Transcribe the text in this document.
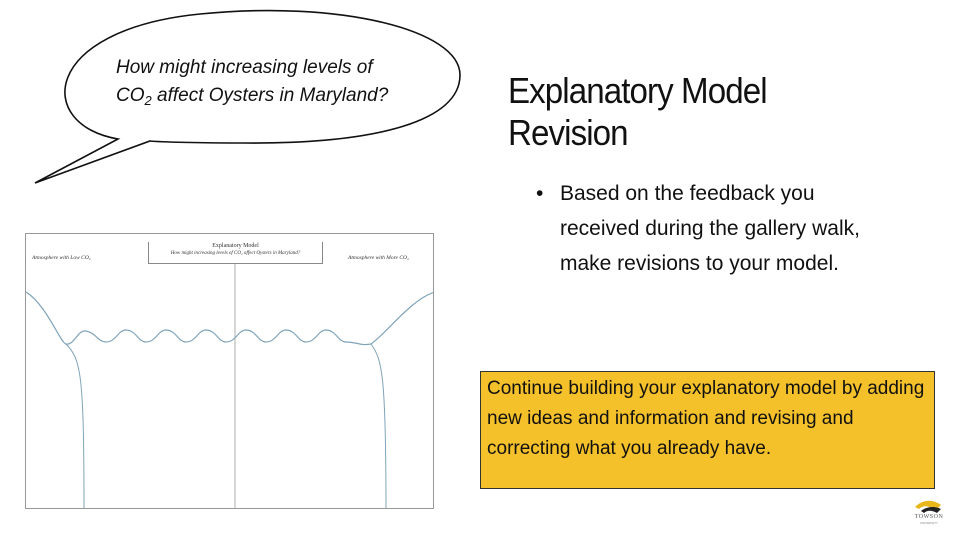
How might increasing levels of
$CO_2$ affect Oysters in Maryland?	Explanatory Model
Revision
• Based on the feedback you received during the gallery walk, make revisions to your model.
Continue building your explanatory model by adding new ideas and information and revising and correcting what you already have.
Explanatory Model
How might increasing levels of CO₂ affect Oysters in Maryland?
Atmosphere with Low CO₂	Atmosphere with More CO₂
TOWSON
UNIVERSITY
